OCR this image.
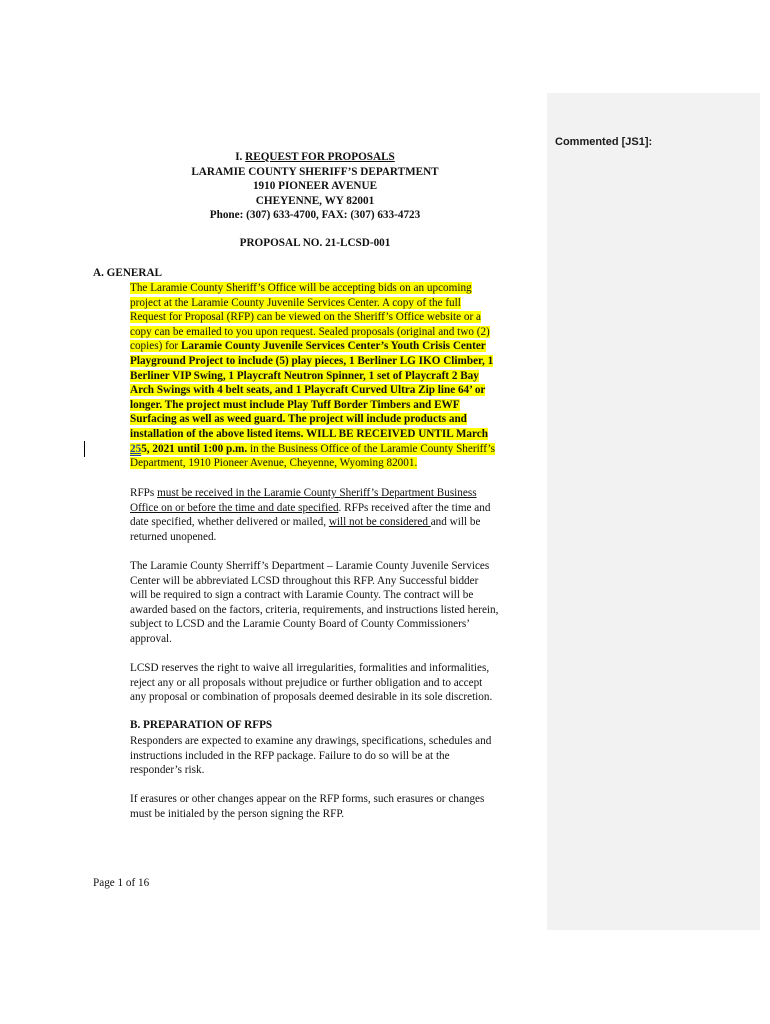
Commented [JS1]:
I. REQUEST FOR PROPOSALS
LARAMIE COUNTY SHERIFF’S DEPARTMENT
1910 PIONEER AVENUE
CHEYENNE, WY 82001
Phone: (307) 633-4700, FAX: (307) 633-4723
PROPOSAL NO. 21-LCSD-001
A. GENERAL
The Laramie County Sheriff’s Office will be accepting bids on an upcoming
project at the Laramie County Juvenile Services Center. A copy of the full
Request for Proposal (RFP) can be viewed on the Sheriff’s Office website or a
copy can be emailed to you upon request. Sealed proposals (original and two (2)
copies) for Laramie County Juvenile Services Center’s Youth Crisis Center
Playground Project to include (5) play pieces, 1 Berliner LG IKO Climber, 1
Berliner VIP Swing, 1 Playcraft Neutron Spinner, 1 set of Playcraft 2 Bay
Arch Swings with 4 belt seats, and 1 Playcraft Curved Ultra Zip line 64’ or
longer. The project must include Play Tuff Border Timbers and EWF
Surfacing as well as weed guard. The project will include products and
installation of the above listed items. WILL BE RECEIVED UNTIL March
255, 2021 until 1:00 p.m. in the Business Office of the Laramie County Sheriff’s
Department, 1910 Pioneer Avenue, Cheyenne, Wyoming 82001.
RFPs must be received in the Laramie County Sheriff’s Department Business
Office on or before the time and date specified. RFPs received after the time and
date specified, whether delivered or mailed, will not be considered and will be
returned unopened.
The Laramie County Sherriff’s Department – Laramie County Juvenile Services
Center will be abbreviated LCSD throughout this RFP. Any Successful bidder
will be required to sign a contract with Laramie County. The contract will be
awarded based on the factors, criteria, requirements, and instructions listed herein,
subject to LCSD and the Laramie County Board of County Commissioners’
approval.
LCSD reserves the right to waive all irregularities, formalities and informalities,
reject any or all proposals without prejudice or further obligation and to accept
any proposal or combination of proposals deemed desirable in its sole discretion.
B. PREPARATION OF RFPS
Responders are expected to examine any drawings, specifications, schedules and
instructions included in the RFP package. Failure to do so will be at the
responder’s risk.
If erasures or other changes appear on the RFP forms, such erasures or changes
must be initialed by the person signing the RFP.
Page 1 of 16
